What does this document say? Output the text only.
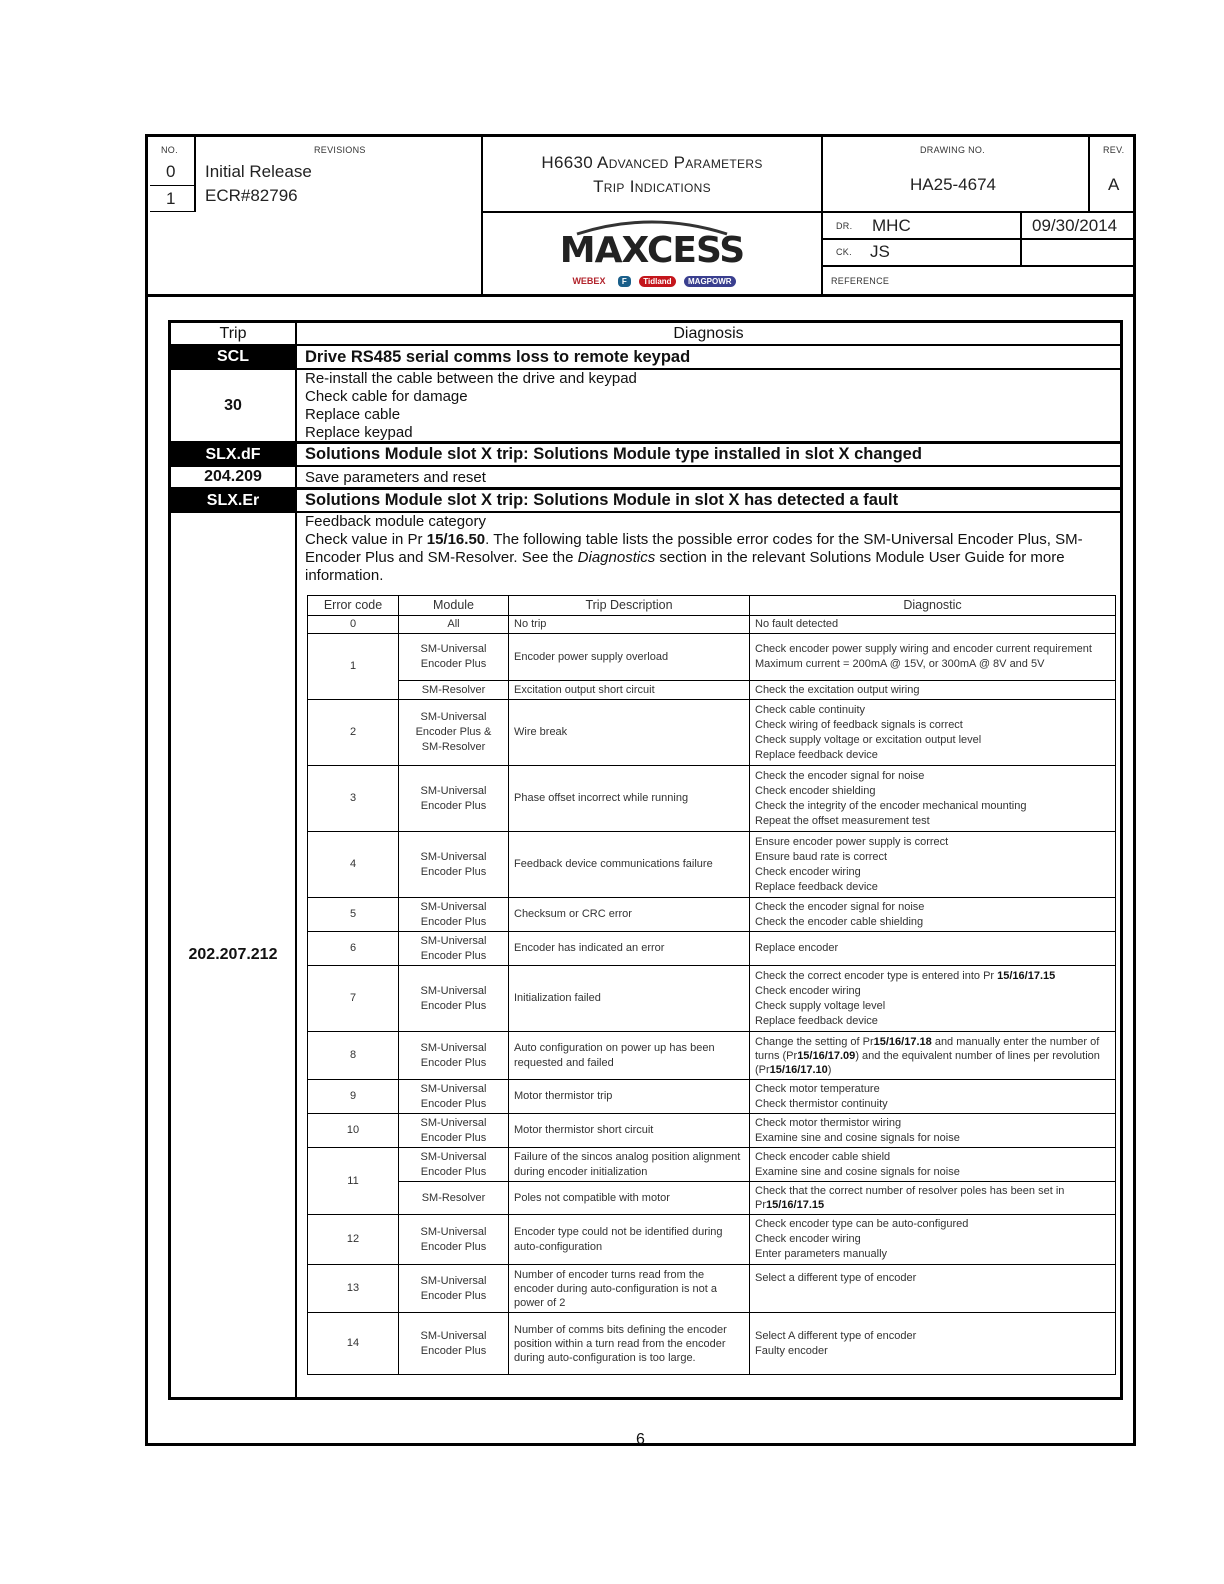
NO.	REVISIONS
0 Initial Release
1 ECR#82796
H6630 Advanced Parameters
Trip Indications
MAXCESS
WEBEX F Tidland MAGPOWR
DRAWING NO.
HA25-4674
REV.
A
DR. MHC	09/30/2014
CK. JS
REFERENCE
Trip	Diagnosis
SCL	Drive RS485 serial comms loss to remote keypad
30
Re-install the cable between the drive and keypad
Check cable for damage
Replace cable
Replace keypad
SLX.dF	Solutions Module slot X trip: Solutions Module type installed in slot X changed
204.209	Save parameters and reset
SLX.Er	Solutions Module slot X trip: Solutions Module in slot X has detected a fault
202.207.212
Feedback module category
Check value in Pr 15/16.50. The following table lists the possible error codes for the SM-Universal Encoder Plus, SM-Encoder Plus and SM-Resolver. See the Diagnostics section in the relevant Solutions Module User Guide for more information.
Error code	Module	Trip Description	Diagnostic
0	All	No trip	No fault detected
1	SM-Universal Encoder Plus	Encoder power supply overload	Check encoder power supply wiring and encoder current requirement Maximum current = 200mA @ 15V, or 300mA @ 8V and 5V
	SM-Resolver	Excitation output short circuit	Check the excitation output wiring
2	SM-Universal Encoder Plus & SM-Resolver	Wire break	Check cable continuity
Check wiring of feedback signals is correct
Check supply voltage or excitation output level
Replace feedback device

3	SM-Universal Encoder Plus	Phase offset incorrect while running	Check the encoder signal for noise
Check encoder shielding
Check the integrity of the encoder mechanical mounting
Repeat the offset measurement test

4	SM-Universal Encoder Plus	Feedback device communications failure	Ensure encoder power supply is correct
Ensure baud rate is correct
Check encoder wiring
Replace feedback device

5	SM-Universal Encoder Plus	Checksum or CRC error	Check the encoder signal for noise
Check the encoder cable shielding

6	SM-Universal Encoder Plus	Encoder has indicated an error	Replace encoder
7	SM-Universal Encoder Plus	Initialization failed	Check the correct encoder type is entered into Pr 15/16/17.15
Check encoder wiring
Check supply voltage level
Replace feedback device

8	SM-Universal Encoder Plus	Auto configuration on power up has been requested and failed	Change the setting of Pr15/16/17.18 and manually enter the number of turns (Pr15/16/17.09) and the equivalent number of lines per revolution (Pr15/16/17.10)
9	SM-Universal Encoder Plus	Motor thermistor trip	Check motor temperature
Check thermistor continuity

10	SM-Universal Encoder Plus	Motor thermistor short circuit	Check motor thermistor wiring
Examine sine and cosine signals for noise

11	SM-Universal Encoder Plus	Failure of the sincos analog position alignment during encoder initialization	Check encoder cable shield
Examine sine and cosine signals for noise

	SM-Resolver	Poles not compatible with motor	Check that the correct number of resolver poles has been set in Pr15/16/17.15
12	SM-Universal Encoder Plus	Encoder type could not be identified during auto-configuration	Check encoder type can be auto-configured
Check encoder wiring
Enter parameters manually

13	SM-Universal Encoder Plus	Number of encoder turns read from the encoder during auto-configuration is not a power of 2	Select a different type of encoder
14	SM-Universal Encoder Plus	Number of comms bits defining the encoder position within a turn read from the encoder during auto-configuration is too large.	Select A different type of encoder
Faulty encoder
6
